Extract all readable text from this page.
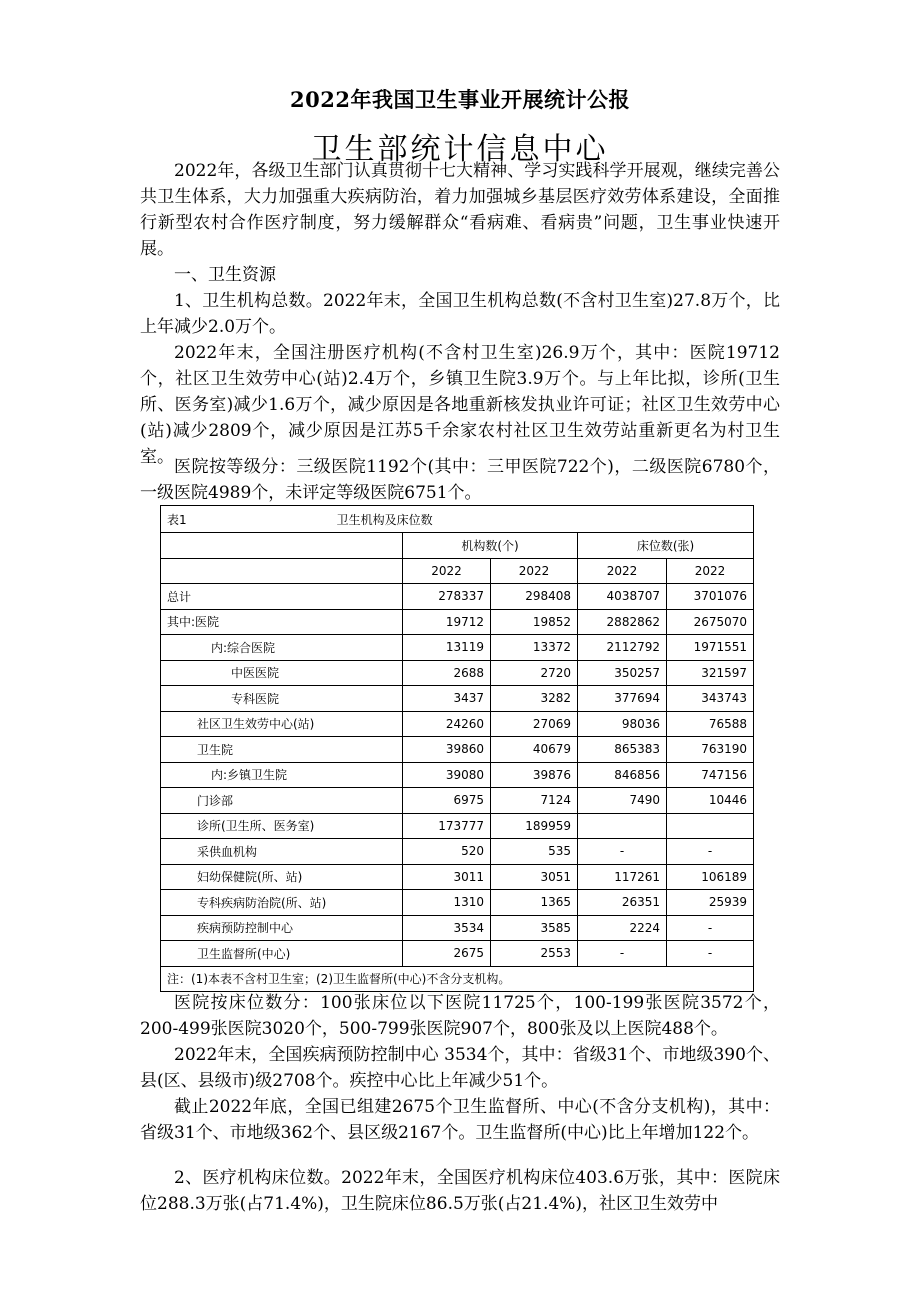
2022年我国卫生事业开展统计公报
卫生部统计信息中心

2022年，各级卫生部门认真贯彻十七大精神、学习实践科学开展观，继续完善公共卫生体系，大力加强重大疾病防治，着力加强城乡基层医疗效劳体系建设，全面推行新型农村合作医疗制度，努力缓解群众“看病难、看病贵”问题，卫生事业快速开展。

一、卫生资源

1、卫生机构总数。2022年末，全国卫生机构总数(不含村卫生室)27.8万个，比上年减少2.0万个。

2022年末，全国注册医疗机构(不含村卫生室)26.9万个，其中：医院19712个，社区卫生效劳中心(站)2.4万个，乡镇卫生院3.9万个。与上年比拟，诊所(卫生所、医务室)减少1.6万个，减少原因是各地重新核发执业许可证；社区卫生效劳中心(站)减少2809个，减少原因是江苏5千余家农村社区卫生效劳站重新更名为村卫生室。 医院按等级分：三级医院1192个(其中：三甲医院722个)，二级医院6780个，一级医院4989个，未评定等级医院6751个。

表1 卫生机构及床位数				
	机构数(个)		床位数(张)	
	2022	2022	2022	2022
总计	278337	298408	4038707	3701076
其中:医院	19712	19852	2882862	2675070
内:综合医院	13119	13372	2112792	1971551
中医医院	2688	2720	350257	321597
专科医院	3437	3282	377694	343743
社区卫生效劳中心(站)	24260	27069	98036	76588
卫生院	39860	40679	865383	763190
内:乡镇卫生院	39080	39876	846856	747156
门诊部	6975	7124	7490	10446
诊所(卫生所、医务室)	173777	189959		
采供血机构	520	535	-	-
妇幼保健院(所、站)	3011	3051	117261	106189
专科疾病防治院(所、站)	1310	1365	26351	25939
疾病预防控制中心	3534	3585	2224	-
卫生监督所(中心)	2675	2553	-	-
注：(1)本表不含村卫生室；(2)卫生监督所(中心)不含分支机构。				

医院按床位数分：100张床位以下医院11725个，100-199张医院3572个，200-499张医院3020个，500-799张医院907个，800张及以上医院488个。

2022年末，全国疾病预防控制中心 3534个，其中：省级31个、市地级390个、县(区、县级市)级2708个。疾控中心比上年减少51个。

截止2022年底，全国已组建2675个卫生监督所、中心(不含分支机构)，其中：省级31个、市地级362个、县区级2167个。卫生监督所(中心)比上年增加122个。

2、医疗机构床位数。2022年末，全国医疗机构床位403.6万张，其中：医院床位288.3万张(占71.4%)，卫生院床位86.5万张(占21.4%)，社区卫生效劳中
